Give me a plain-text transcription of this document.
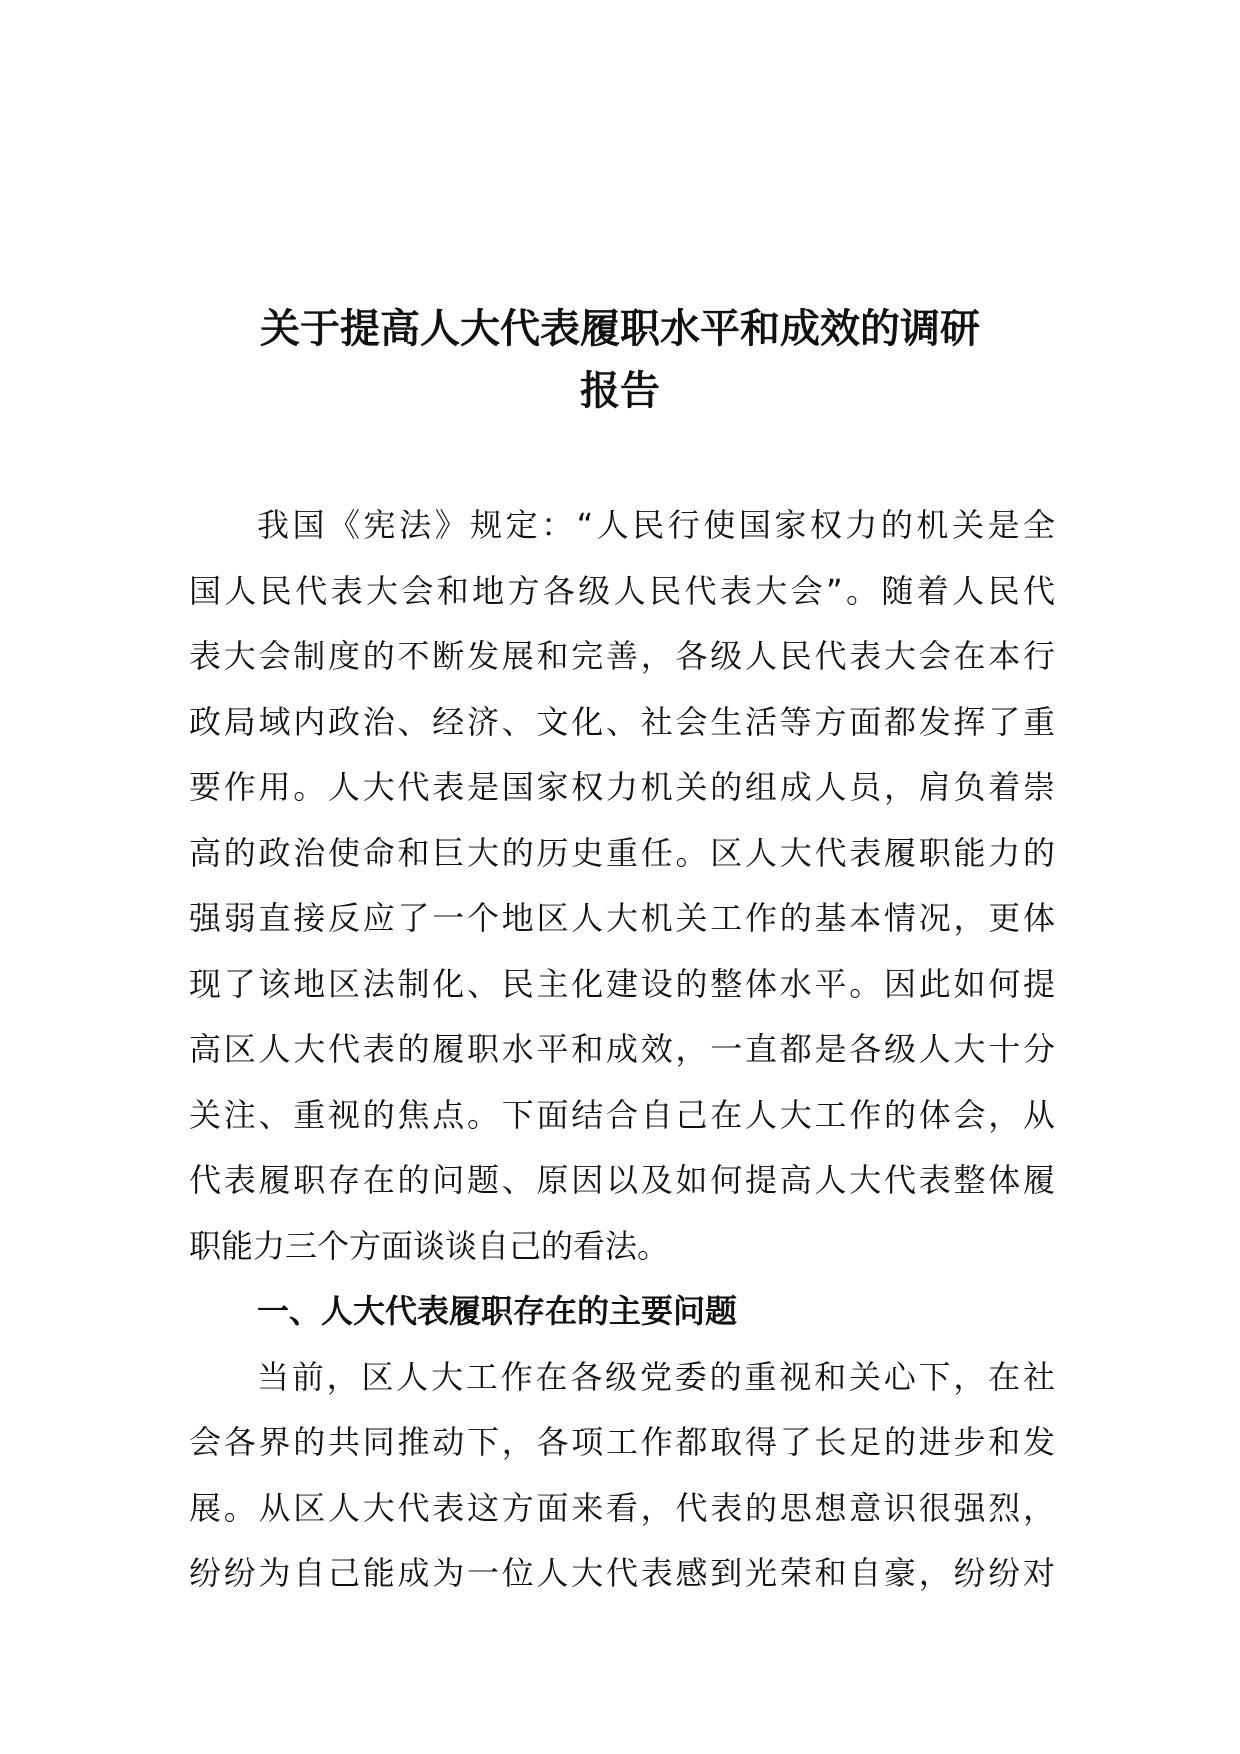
关于提高人大代表履职水平和成效的调研
报告
我国《宪法》规定：“人民行使国家权力的机关是全
国人民代表大会和地方各级人民代表大会”。随着人民代
表大会制度的不断发展和完善，各级人民代表大会在本行
政局域内政治、经济、文化、社会生活等方面都发挥了重
要作用。人大代表是国家权力机关的组成人员，肩负着崇
高的政治使命和巨大的历史重任。区人大代表履职能力的
强弱直接反应了一个地区人大机关工作的基本情况，更体
现了该地区法制化、民主化建设的整体水平。因此如何提
高区人大代表的履职水平和成效，一直都是各级人大十分
关注、重视的焦点。下面结合自己在人大工作的体会，从
代表履职存在的问题、原因以及如何提高人大代表整体履
职能力三个方面谈谈自己的看法。
一、人大代表履职存在的主要问题
当前，区人大工作在各级党委的重视和关心下，在社
会各界的共同推动下，各项工作都取得了长足的进步和发
展。从区人大代表这方面来看，代表的思想意识很强烈，
纷纷为自己能成为一位人大代表感到光荣和自豪，纷纷对
